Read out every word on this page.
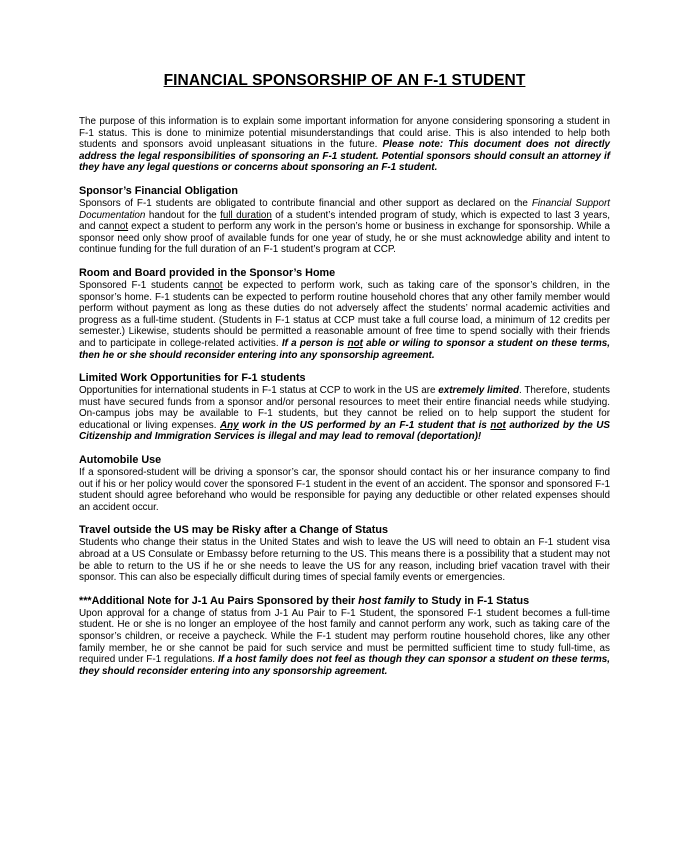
FINANCIAL SPONSORSHIP OF AN F-1 STUDENT

The purpose of this information is to explain some important information for anyone considering sponsoring a student in F-1 status. This is done to minimize potential misunderstandings that could arise. This is also intended to help both students and sponsors avoid unpleasant situations in the future. Please note: This document does not directly address the legal responsibilities of sponsoring an F-1 student. Potential sponsors should consult an attorney if they have any legal questions or concerns about sponsoring an F-1 student.

Sponsor’s Financial Obligation

Sponsors of F-1 students are obligated to contribute financial and other support as declared on the Financial Support Documentation handout for the full duration of a student’s intended program of study, which is expected to last 3 years, and cannot expect a student to perform any work in the person’s home or business in exchange for sponsorship. While a sponsor need only show proof of available funds for one year of study, he or she must acknowledge ability and intent to continue funding for the full duration of an F-1 student’s program at CCP.

Room and Board provided in the Sponsor’s Home

Sponsored F-1 students cannot be expected to perform work, such as taking care of the sponsor’s children, in the sponsor’s home. F-1 students can be expected to perform routine household chores that any other family member would perform without payment as long as these duties do not adversely affect the students’ normal academic activities and progress as a full-time student. (Students in F-1 status at CCP must take a full course load, a minimum of 12 credits per semester.) Likewise, students should be permitted a reasonable amount of free time to spend socially with their friends and to participate in college-related activities. If a person is not able or wiling to sponsor a student on these terms, then he or she should reconsider entering into any sponsorship agreement.

Limited Work Opportunities for F-1 students

Opportunities for international students in F-1 status at CCP to work in the US are extremely limited. Therefore, students must have secured funds from a sponsor and/or personal resources to meet their entire financial needs while studying. On-campus jobs may be available to F-1 students, but they cannot be relied on to help support the student for educational or living expenses. Any work in the US performed by an F-1 student that is not authorized by the US Citizenship and Immigration Services is illegal and may lead to removal (deportation)!

Automobile Use

If a sponsored-student will be driving a sponsor’s car, the sponsor should contact his or her insurance company to find out if his or her policy would cover the sponsored F-1 student in the event of an accident. The sponsor and sponsored F-1 student should agree beforehand who would be responsible for paying any deductible or other related expenses should an accident occur.

Travel outside the US may be Risky after a Change of Status

Students who change their status in the United States and wish to leave the US will need to obtain an F-1 student visa abroad at a US Consulate or Embassy before returning to the US. This means there is a possibility that a student may not be able to return to the US if he or she needs to leave the US for any reason, including brief vacation travel with their sponsor. This can also be especially difficult during times of special family events or emergencies.

***Additional Note for J-1 Au Pairs Sponsored by their host family to Study in F-1 Status

Upon approval for a change of status from J-1 Au Pair to F-1 Student, the sponsored F-1 student becomes a full-time student. He or she is no longer an employee of the host family and cannot perform any work, such as taking care of the sponsor’s children, or receive a paycheck. While the F-1 student may perform routine household chores, like any other family member, he or she cannot be paid for such service and must be permitted sufficient time to study full-time, as required under F-1 regulations. If a host family does not feel as though they can sponsor a student on these terms, they should reconsider entering into any sponsorship agreement.
